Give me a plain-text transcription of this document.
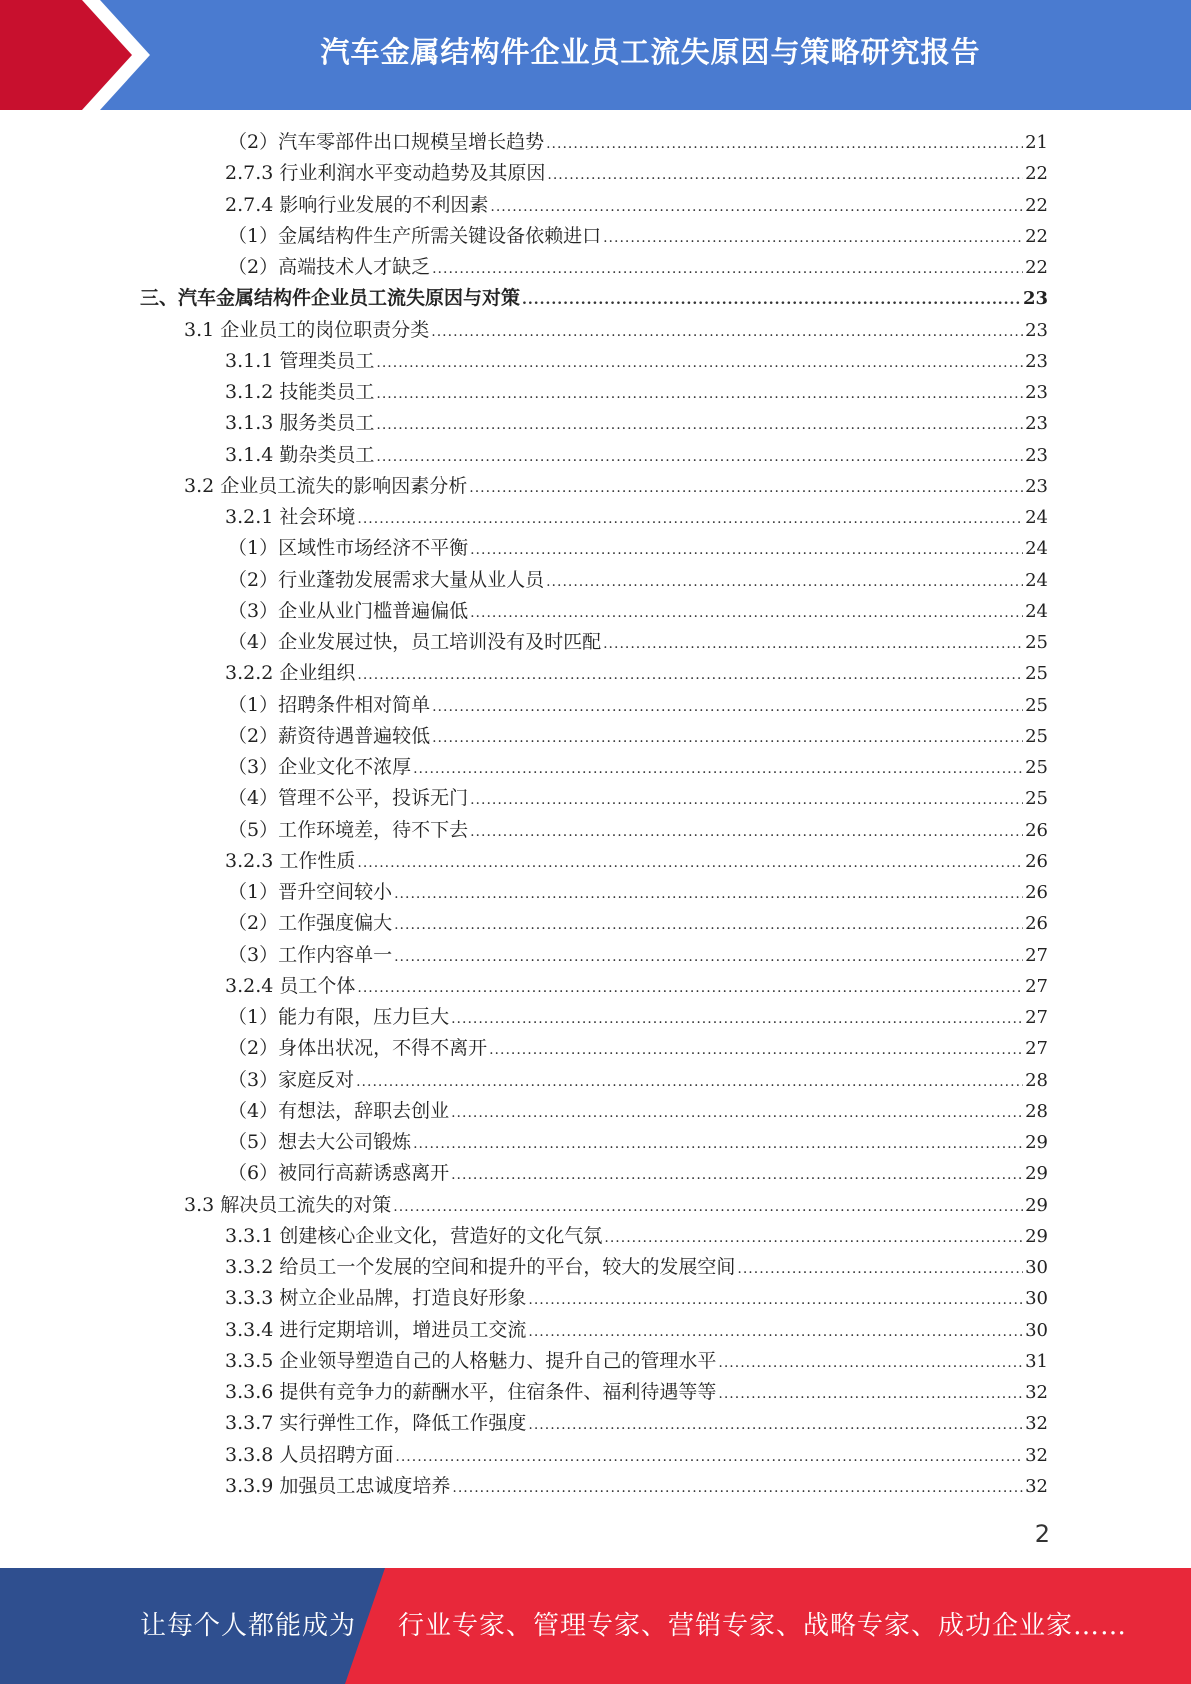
汽车金属结构件企业员工流失原因与策略研究报告
（2）汽车零部件出口规模呈增长趋势 .....	21
2.7.3 行业利润水平变动趋势及其原因 .....	22
2.7.4 影响行业发展的不利因素 .....	22
（1）金属结构件生产所需关键设备依赖进口 .....	22
（2）高端技术人才缺乏 .....	22
三、汽车金属结构件企业员工流失原因与对策 .....	23
3.1 企业员工的岗位职责分类 .....	23
3.1.1 管理类员工 .....	23
3.1.2 技能类员工 .....	23
3.1.3 服务类员工 .....	23
3.1.4 勤杂类员工 .....	23
3.2 企业员工流失的影响因素分析 .....	23
3.2.1 社会环境 .....	24
（1）区域性市场经济不平衡 .....	24
（2）行业蓬勃发展需求大量从业人员 .....	24
（3）企业从业门槛普遍偏低 .....	24
（4）企业发展过快，员工培训没有及时匹配 .....	25
3.2.2 企业组织 .....	25
（1）招聘条件相对简单 .....	25
（2）薪资待遇普遍较低 .....	25
（3）企业文化不浓厚 .....	25
（4）管理不公平，投诉无门 .....	25
（5）工作环境差，待不下去 .....	26
3.2.3 工作性质 .....	26
（1）晋升空间较小 .....	26
（2）工作强度偏大 .....	26
（3）工作内容单一 .....	27
3.2.4 员工个体 .....	27
（1）能力有限，压力巨大 .....	27
（2）身体出状况，不得不离开 .....	27
（3）家庭反对 .....	28
（4）有想法，辞职去创业 .....	28
（5）想去大公司锻炼 .....	29
（6）被同行高薪诱惑离开 .....	29
3.3 解决员工流失的对策 .....	29
3.3.1 创建核心企业文化，营造好的文化气氛 .....	29
3.3.2 给员工一个发展的空间和提升的平台，较大的发展空间 .....	30
3.3.3 树立企业品牌，打造良好形象 .....	30
3.3.4 进行定期培训，增进员工交流 .....	30
3.3.5 企业领导塑造自己的人格魅力、提升自己的管理水平 .....	31
3.3.6 提供有竞争力的薪酬水平，住宿条件、福利待遇等等 .....	32
3.3.7 实行弹性工作，降低工作强度 .....	32
3.3.8 人员招聘方面 .....	32
3.3.9 加强员工忠诚度培养 .....	32
2
让每个人都能成为 行业专家、管理专家、营销专家、战略专家、成功企业家……
